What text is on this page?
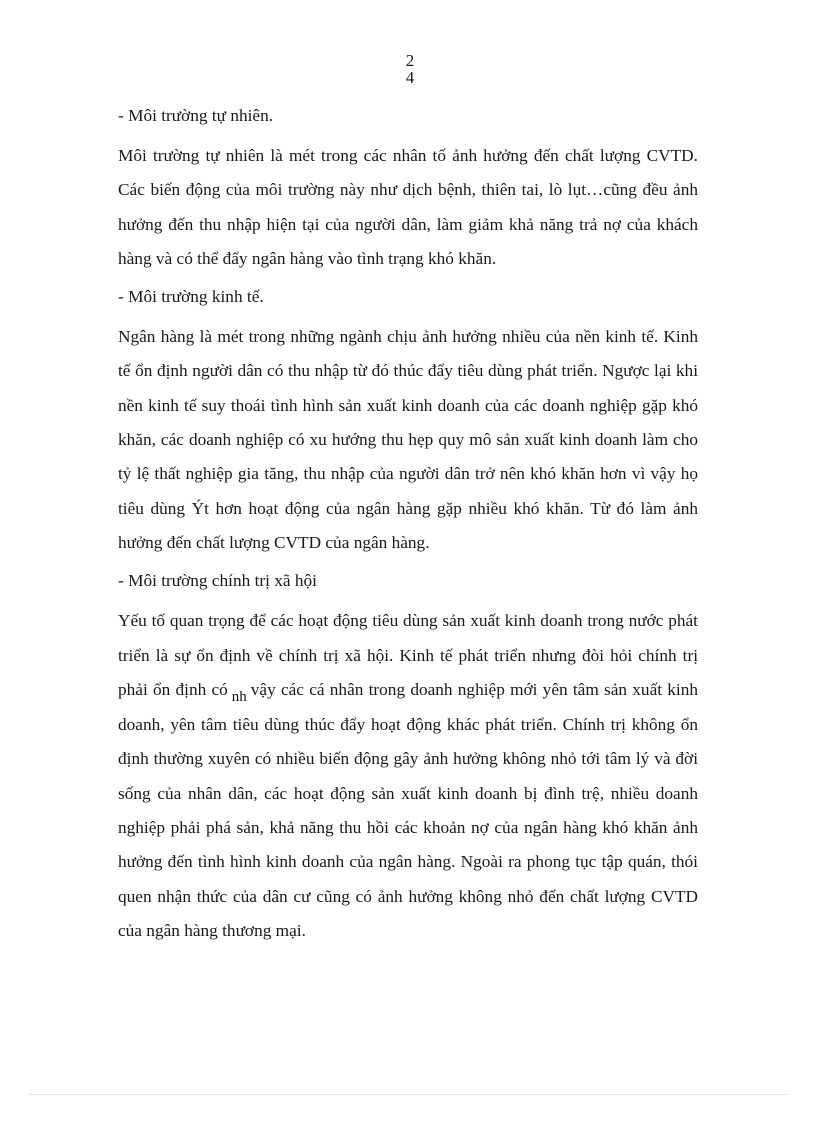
2
4

- Môi trường tự nhiên.

Môi trường tự nhiên là mét trong các nhân tố ảnh hưởng đến chất lượng CVTD. Các biến động của môi trường này như dịch bệnh, thiên tai, lò lụt…cũng đều ảnh hưởng đến thu nhập hiện tại của người dân, làm giảm khả năng trả nợ của khách hàng và có thể đẩy ngân hàng vào tình trạng khó khăn.

- Môi trường kinh tế.

Ngân hàng là mét trong những ngành chịu ảnh hưởng nhiều của nền kinh tế. Kinh tế ổn định người dân có thu nhập từ đó thúc đẩy tiêu dùng phát triển. Ngược lại khi nền kinh tế suy thoái tình hình sản xuất kinh doanh của các doanh nghiệp gặp khó khăn, các doanh nghiệp có xu hướng thu hẹp quy mô sản xuất kinh doanh làm cho tỷ lệ thất nghiệp gia tăng, thu nhập của người dân trở nên khó khăn hơn vì vậy họ tiêu dùng Ýt hơn hoạt động của ngân hàng gặp nhiều khó khăn. Từ đó làm ảnh hưởng đến chất lượng CVTD của ngân hàng.

- Môi trường chính trị xã hội

Yếu tố quan trọng để các hoạt động tiêu dùng sản xuất kinh doanh trong nước phát triển là sự ổn định về chính trị xã hội. Kinh tế phát triển nhưng đòi hỏi chính trị phải ổn định có nh vậy các cá nhân trong doanh nghiệp mới yên tâm sản xuất kinh doanh, yên tâm tiêu dùng thúc đẩy hoạt động khác phát triển. Chính trị không ổn định thường xuyên có nhiều biến động gây ảnh hưởng không nhỏ tới tâm lý và đời sống của nhân dân, các hoạt động sản xuất kinh doanh bị đình trệ, nhiều doanh nghiệp phải phá sản, khả năng thu hồi các khoản nợ của ngân hàng khó khăn ảnh hưởng đến tình hình kinh doanh của ngân hàng. Ngoài ra phong tục tập quán, thói quen nhận thức của dân cư cũng có ảnh hưởng không nhỏ đến chất lượng CVTD của ngân hàng thương mại.
